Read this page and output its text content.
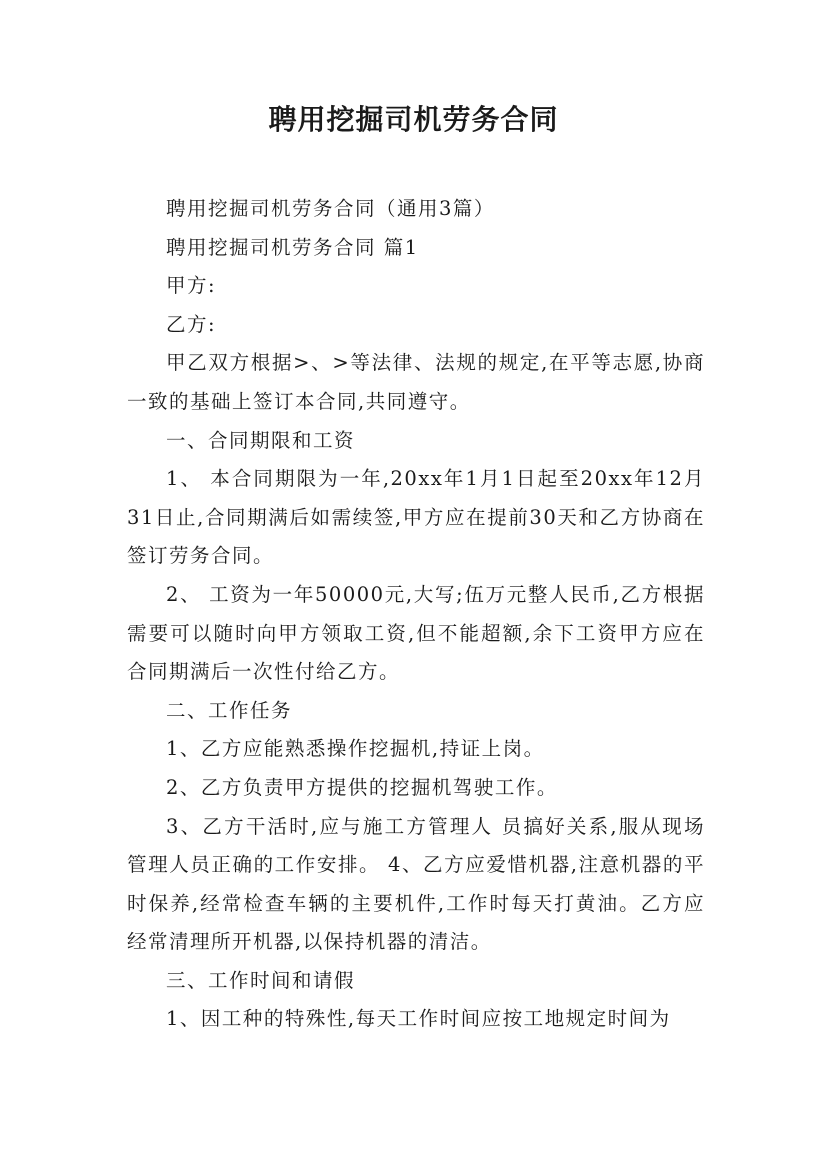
聘用挖掘司机劳务合同

聘用挖掘司机劳务合同（通用3篇）

聘用挖掘司机劳务合同 篇1

甲方:

乙方:

甲乙双方根据>、>等法律、法规的规定,在平等志愿,协商一致的基础上签订本合同,共同遵守。

一、合同期限和工资

1、 本合同期限为一年,20xx年1月1日起至20xx年12月31日止,合同期满后如需续签,甲方应在提前30天和乙方协商在签订劳务合同。

2、 工资为一年50000元,大写;伍万元整人民币,乙方根据需要可以随时向甲方领取工资,但不能超额,余下工资甲方应在合同期满后一次性付给乙方。

二、工作任务

1、乙方应能熟悉操作挖掘机,持证上岗。

2、乙方负责甲方提供的挖掘机驾驶工作。

3、乙方干活时,应与施工方管理人 员搞好关系,服从现场管理人员正确的工作安排。 4、乙方应爱惜机器,注意机器的平时保养,经常检查车辆的主要机件,工作时每天打黄油。乙方应经常清理所开机器,以保持机器的清洁。

三、工作时间和请假

1、因工种的特殊性,每天工作时间应按工地规定时间为
